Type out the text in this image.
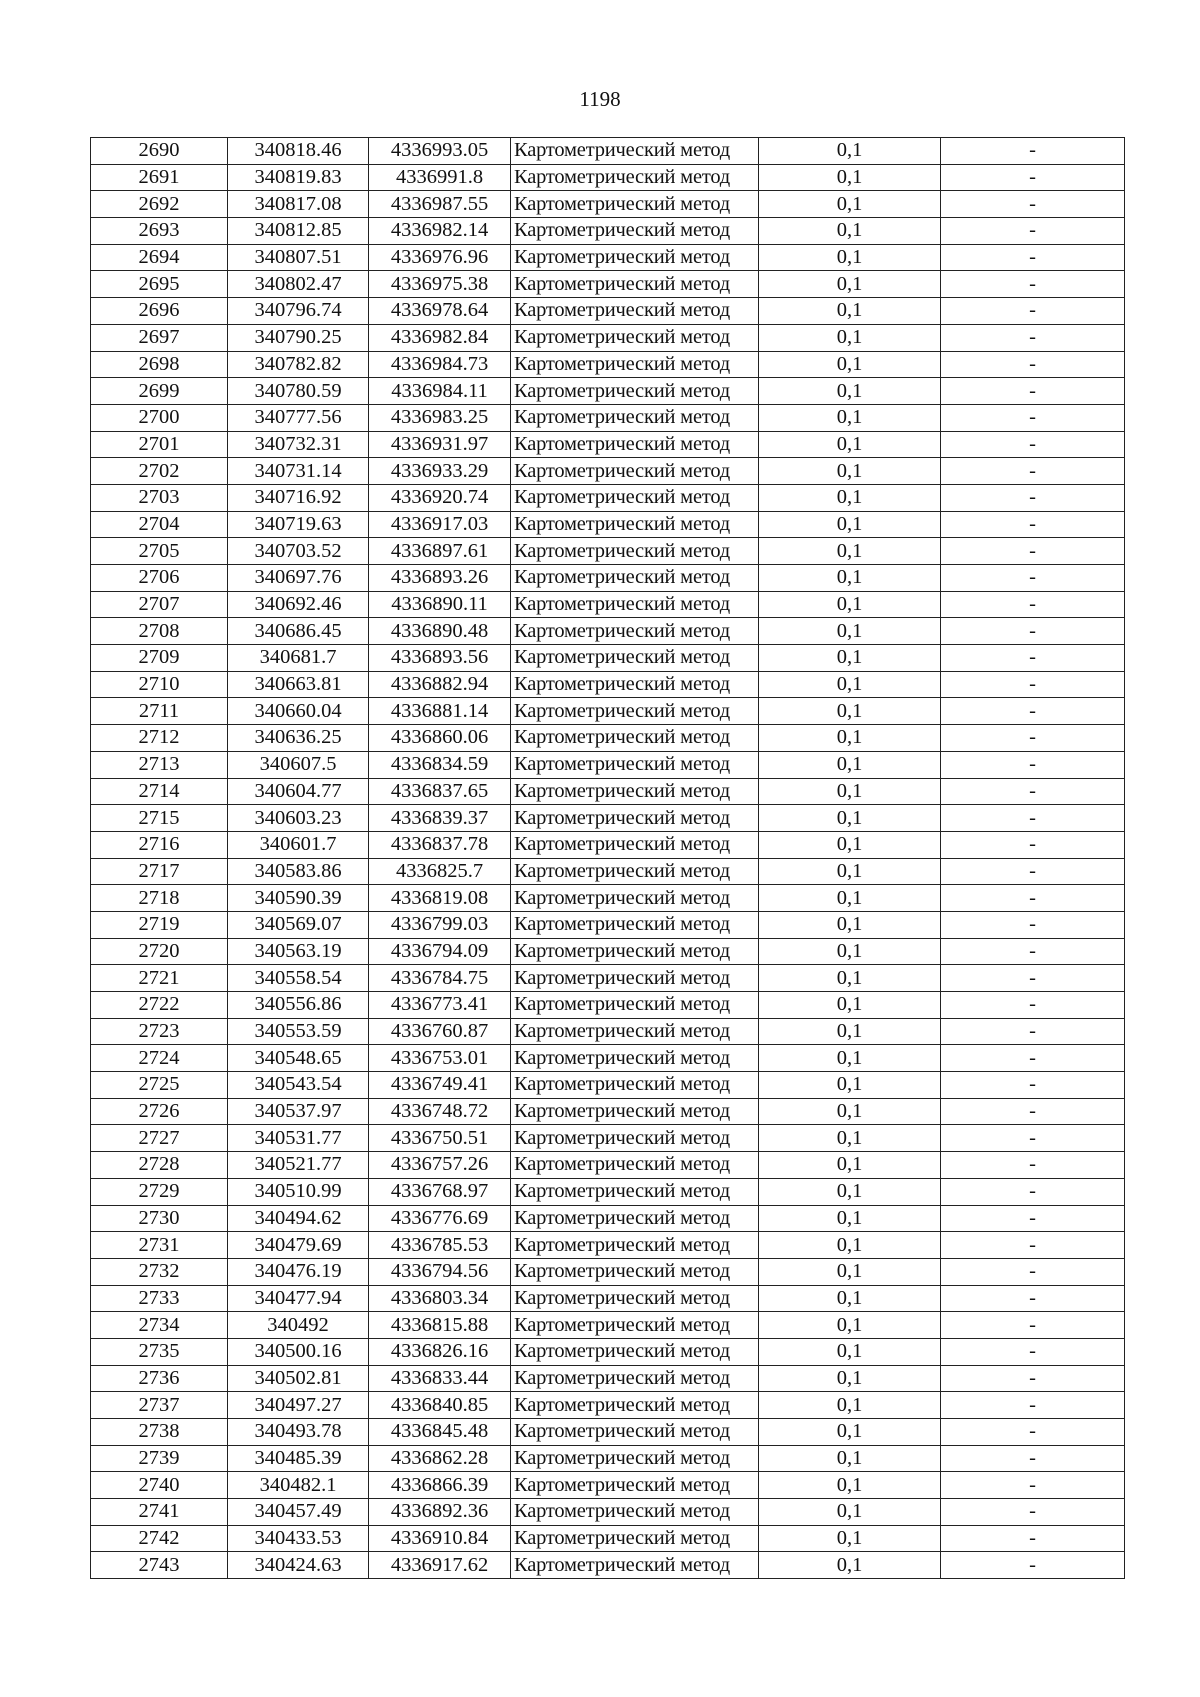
1198
2690	340818.46	4336993.05	Картометрический метод	0,1	-
2691	340819.83	4336991.8	Картометрический метод	0,1	-
2692	340817.08	4336987.55	Картометрический метод	0,1	-
2693	340812.85	4336982.14	Картометрический метод	0,1	-
2694	340807.51	4336976.96	Картометрический метод	0,1	-
2695	340802.47	4336975.38	Картометрический метод	0,1	-
2696	340796.74	4336978.64	Картометрический метод	0,1	-
2697	340790.25	4336982.84	Картометрический метод	0,1	-
2698	340782.82	4336984.73	Картометрический метод	0,1	-
2699	340780.59	4336984.11	Картометрический метод	0,1	-
2700	340777.56	4336983.25	Картометрический метод	0,1	-
2701	340732.31	4336931.97	Картометрический метод	0,1	-
2702	340731.14	4336933.29	Картометрический метод	0,1	-
2703	340716.92	4336920.74	Картометрический метод	0,1	-
2704	340719.63	4336917.03	Картометрический метод	0,1	-
2705	340703.52	4336897.61	Картометрический метод	0,1	-
2706	340697.76	4336893.26	Картометрический метод	0,1	-
2707	340692.46	4336890.11	Картометрический метод	0,1	-
2708	340686.45	4336890.48	Картометрический метод	0,1	-
2709	340681.7	4336893.56	Картометрический метод	0,1	-
2710	340663.81	4336882.94	Картометрический метод	0,1	-
2711	340660.04	4336881.14	Картометрический метод	0,1	-
2712	340636.25	4336860.06	Картометрический метод	0,1	-
2713	340607.5	4336834.59	Картометрический метод	0,1	-
2714	340604.77	4336837.65	Картометрический метод	0,1	-
2715	340603.23	4336839.37	Картометрический метод	0,1	-
2716	340601.7	4336837.78	Картометрический метод	0,1	-
2717	340583.86	4336825.7	Картометрический метод	0,1	-
2718	340590.39	4336819.08	Картометрический метод	0,1	-
2719	340569.07	4336799.03	Картометрический метод	0,1	-
2720	340563.19	4336794.09	Картометрический метод	0,1	-
2721	340558.54	4336784.75	Картометрический метод	0,1	-
2722	340556.86	4336773.41	Картометрический метод	0,1	-
2723	340553.59	4336760.87	Картометрический метод	0,1	-
2724	340548.65	4336753.01	Картометрический метод	0,1	-
2725	340543.54	4336749.41	Картометрический метод	0,1	-
2726	340537.97	4336748.72	Картометрический метод	0,1	-
2727	340531.77	4336750.51	Картометрический метод	0,1	-
2728	340521.77	4336757.26	Картометрический метод	0,1	-
2729	340510.99	4336768.97	Картометрический метод	0,1	-
2730	340494.62	4336776.69	Картометрический метод	0,1	-
2731	340479.69	4336785.53	Картометрический метод	0,1	-
2732	340476.19	4336794.56	Картометрический метод	0,1	-
2733	340477.94	4336803.34	Картометрический метод	0,1	-
2734	340492	4336815.88	Картометрический метод	0,1	-
2735	340500.16	4336826.16	Картометрический метод	0,1	-
2736	340502.81	4336833.44	Картометрический метод	0,1	-
2737	340497.27	4336840.85	Картометрический метод	0,1	-
2738	340493.78	4336845.48	Картометрический метод	0,1	-
2739	340485.39	4336862.28	Картометрический метод	0,1	-
2740	340482.1	4336866.39	Картометрический метод	0,1	-
2741	340457.49	4336892.36	Картометрический метод	0,1	-
2742	340433.53	4336910.84	Картометрический метод	0,1	-
2743	340424.63	4336917.62	Картометрический метод	0,1	-
